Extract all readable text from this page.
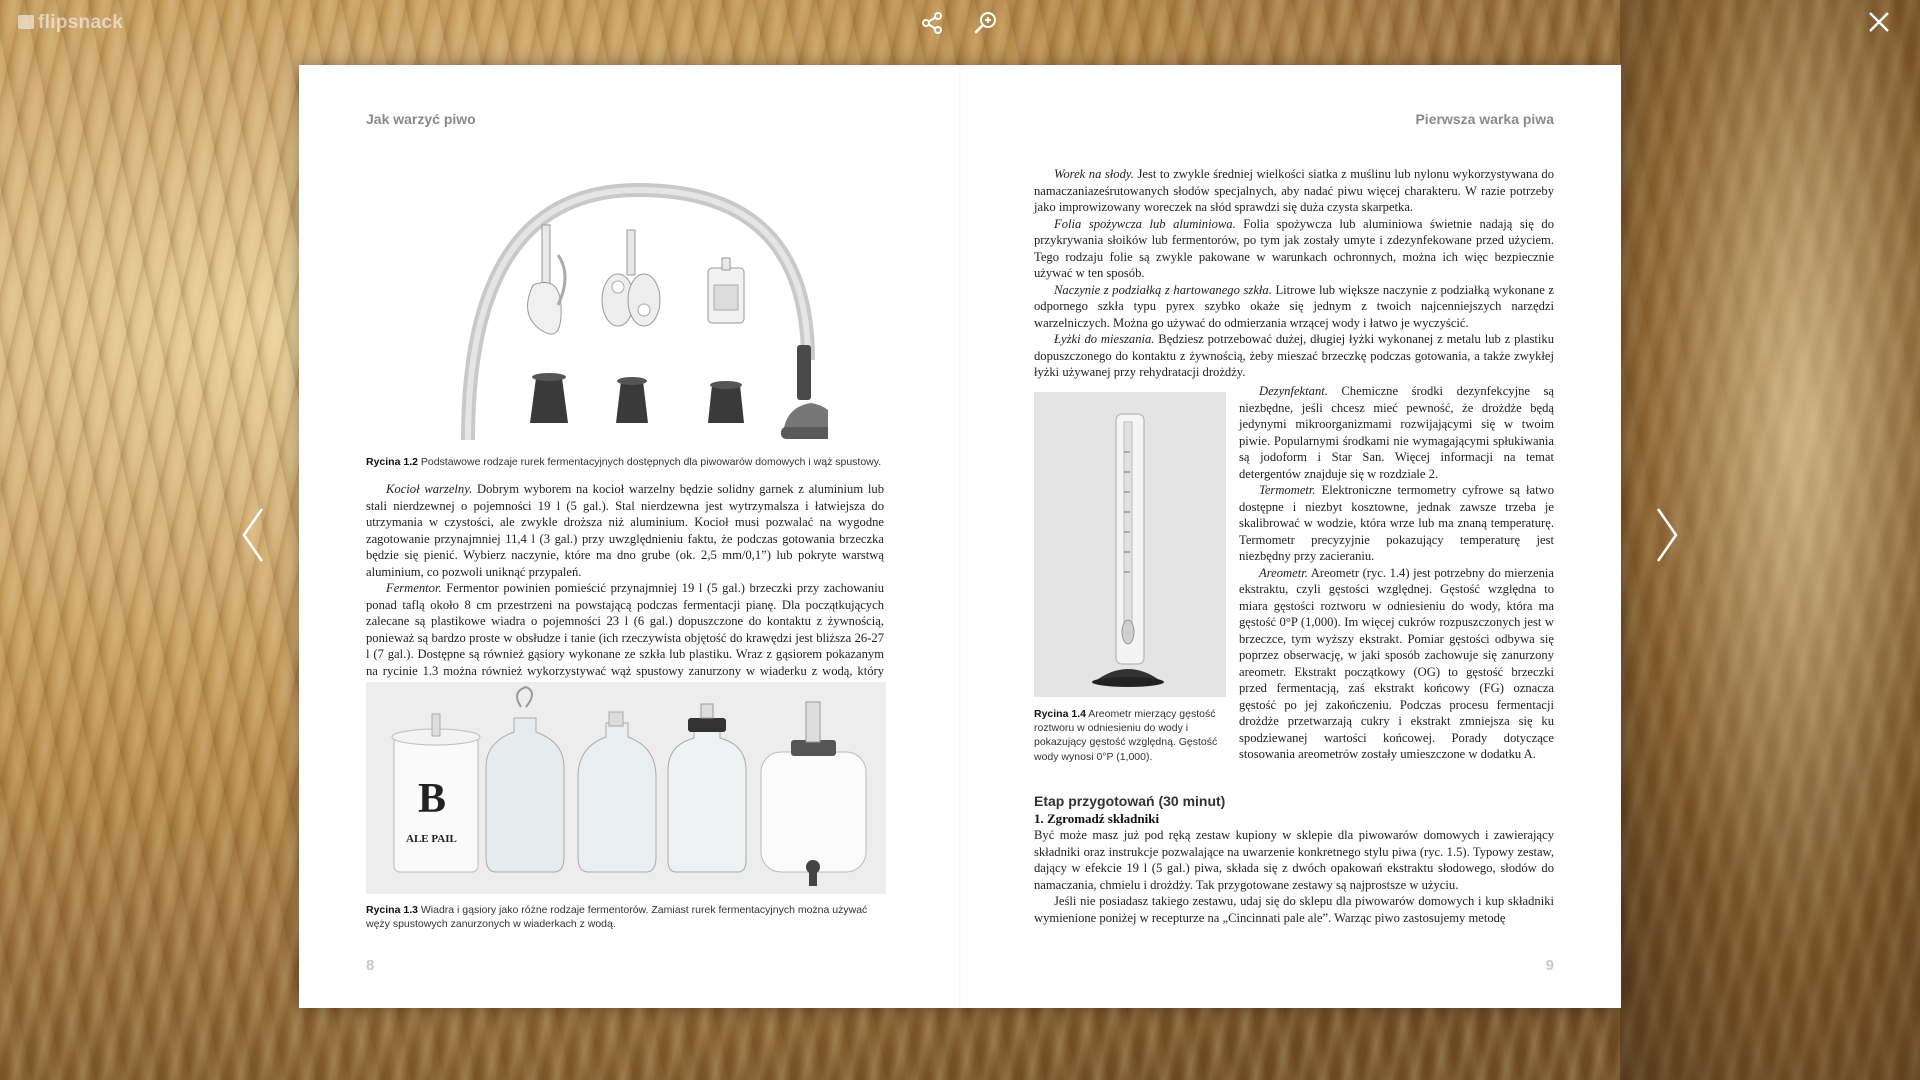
flipsnack
Jak warzyć piwo
Rycina 1.2 Podstawowe rodzaje rurek fermentacyjnych dostępnych dla piwowarów domowych i wąż spustowy.

Kocioł warzelny. Dobrym wyborem na kocioł warzelny będzie solidny garnek z aluminium lub stali nierdzewnej o pojemności 19 l (5 gal.). Stal nierdzewna jest wytrzymalsza i łatwiejsza do utrzymania w czystości, ale zwykle droższa niż aluminium. Kocioł musi pozwalać na wygodne zagotowanie przynajmniej 11,4 l (3 gal.) przy uwzględnieniu faktu, że podczas gotowania brzeczka będzie się pienić. Wybierz naczynie, które ma dno grube (ok. 2,5 mm/0,1”) lub pokryte warstwą aluminium, co pozwoli uniknąć przypaleń.

Fermentor. Fermentor powinien pomieścić przynajmniej 19 l (5 gal.) brzeczki przy zachowaniu ponad taflą około 8 cm przestrzeni na powstającą podczas fermentacji pianę. Dla początkujących zalecane są plastikowe wiadra o pojemności 23 l (6 gal.) dopuszczone do kontaktu z żywnością, ponieważ są bardzo proste w obsłudze i tanie (ich rzeczywista objętość do krawędzi jest bliższa 26-27 l (7 gal.). Dostępne są również gąsiory wykonane ze szkła lub plastiku. Wraz z gąsiorem pokazanym na rycinie 1.3 można również wykorzystywać wąż spustowy zanurzony w wiaderku z wodą, który

B
ALE PAIL
Rycina 1.3 Wiadra i gąsiory jako różne rodzaje fermentorów. Zamiast rurek fermentacyjnych można używać węży spustowych zanurzonych w wiaderkach z wodą.
8
Pierwsza warka piwa

Worek na słody. Jest to zwykle średniej wielkości siatka z muślinu lub nylonu wykorzystywana do namaczaniaześrutowanych słodów specjalnych, aby nadać piwu więcej charakteru. W razie potrzeby jako improwizowany woreczek na słód sprawdzi się duża czysta skarpetka.

Folia spożywcza lub aluminiowa. Folia spożywcza lub aluminiowa świetnie nadają się do przykrywania słoików lub fermentorów, po tym jak zostały umyte i zdezynfekowane przed użyciem. Tego rodzaju folie są zwykle pakowane w warunkach ochronnych, można ich więc bezpiecznie używać w ten sposób.

Naczynie z podziałką z hartowanego szkła. Litrowe lub większe naczynie z podziałką wykonane z odpornego szkła typu pyrex szybko okaże się jednym z twoich najcenniejszych narzędzi warzelniczych. Można go używać do odmierzania wrzącej wody i łatwo je wyczyścić.

Łyżki do mieszania. Będziesz potrzebować dużej, długiej łyżki wykonanej z metalu lub z plastiku dopuszczonego do kontaktu z żywnością, żeby mieszać brzeczkę podczas gotowania, a także zwykłej łyżki używanej przy rehydratacji drożdży.

Rycina 1.4 Areometr mierzący gęstość roztworu w odniesieniu do wody i pokazujący gęstość względną. Gęstość wody wynosi 0°P (1,000).

Dezynfektant. Chemiczne środki dezynfekcyjne są niezbędne, jeśli chcesz mieć pewność, że drożdże będą jedynymi mikroorganizmami rozwijającymi się w twoim piwie. Popularnymi środkami nie wymagającymi spłukiwania są jodoform i Star San. Więcej informacji na temat detergentów znajduje się w rozdziale 2.

Termometr. Elektroniczne termometry cyfrowe są łatwo dostępne i niezbyt kosztowne, jednak zawsze trzeba je skalibrować w wodzie, która wrze lub ma znaną temperaturę. Termometr precyzyjnie pokazujący temperaturę jest niezbędny przy zacieraniu.

Areometr. Areometr (ryc. 1.4) jest potrzebny do mierzenia ekstraktu, czyli gęstości względnej. Gęstość względna to miara gęstości roztworu w odniesieniu do wody, która ma gęstość 0°P (1,000). Im więcej cukrów rozpuszczonych jest w brzeczce, tym wyższy ekstrakt. Pomiar gęstości odbywa się poprzez obserwację, w jaki sposób zachowuje się zanurzony areometr. Ekstrakt początkowy (OG) to gęstość brzeczki przed fermentacją, zaś ekstrakt końcowy (FG) oznacza gęstość po jej zakończeniu. Podczas procesu fermentacji drożdże przetwarzają cukry i ekstrakt zmniejsza się ku spodziewanej wartości końcowej. Porady dotyczące stosowania areometrów zostały umieszczone w dodatku A.

Etap przygotowań (30 minut)
1. Zgromadź składniki

Być może masz już pod ręką zestaw kupiony w sklepie dla piwowarów domowych i zawierający składniki oraz instrukcje pozwalające na uwarzenie konkretnego stylu piwa (ryc. 1.5). Typowy zestaw, dający w efekcie 19 l (5 gal.) piwa, składa się z dwóch opakowań ekstraktu słodowego, słodów do namaczania, chmielu i drożdży. Tak przygotowane zestawy są najprostsze w użyciu.

Jeśli nie posiadasz takiego zestawu, udaj się do sklepu dla piwowarów domowych i kup składniki wymienione poniżej w recepturze na „Cincinnati pale ale”. Warząc piwo zastosujemy metodę

9
